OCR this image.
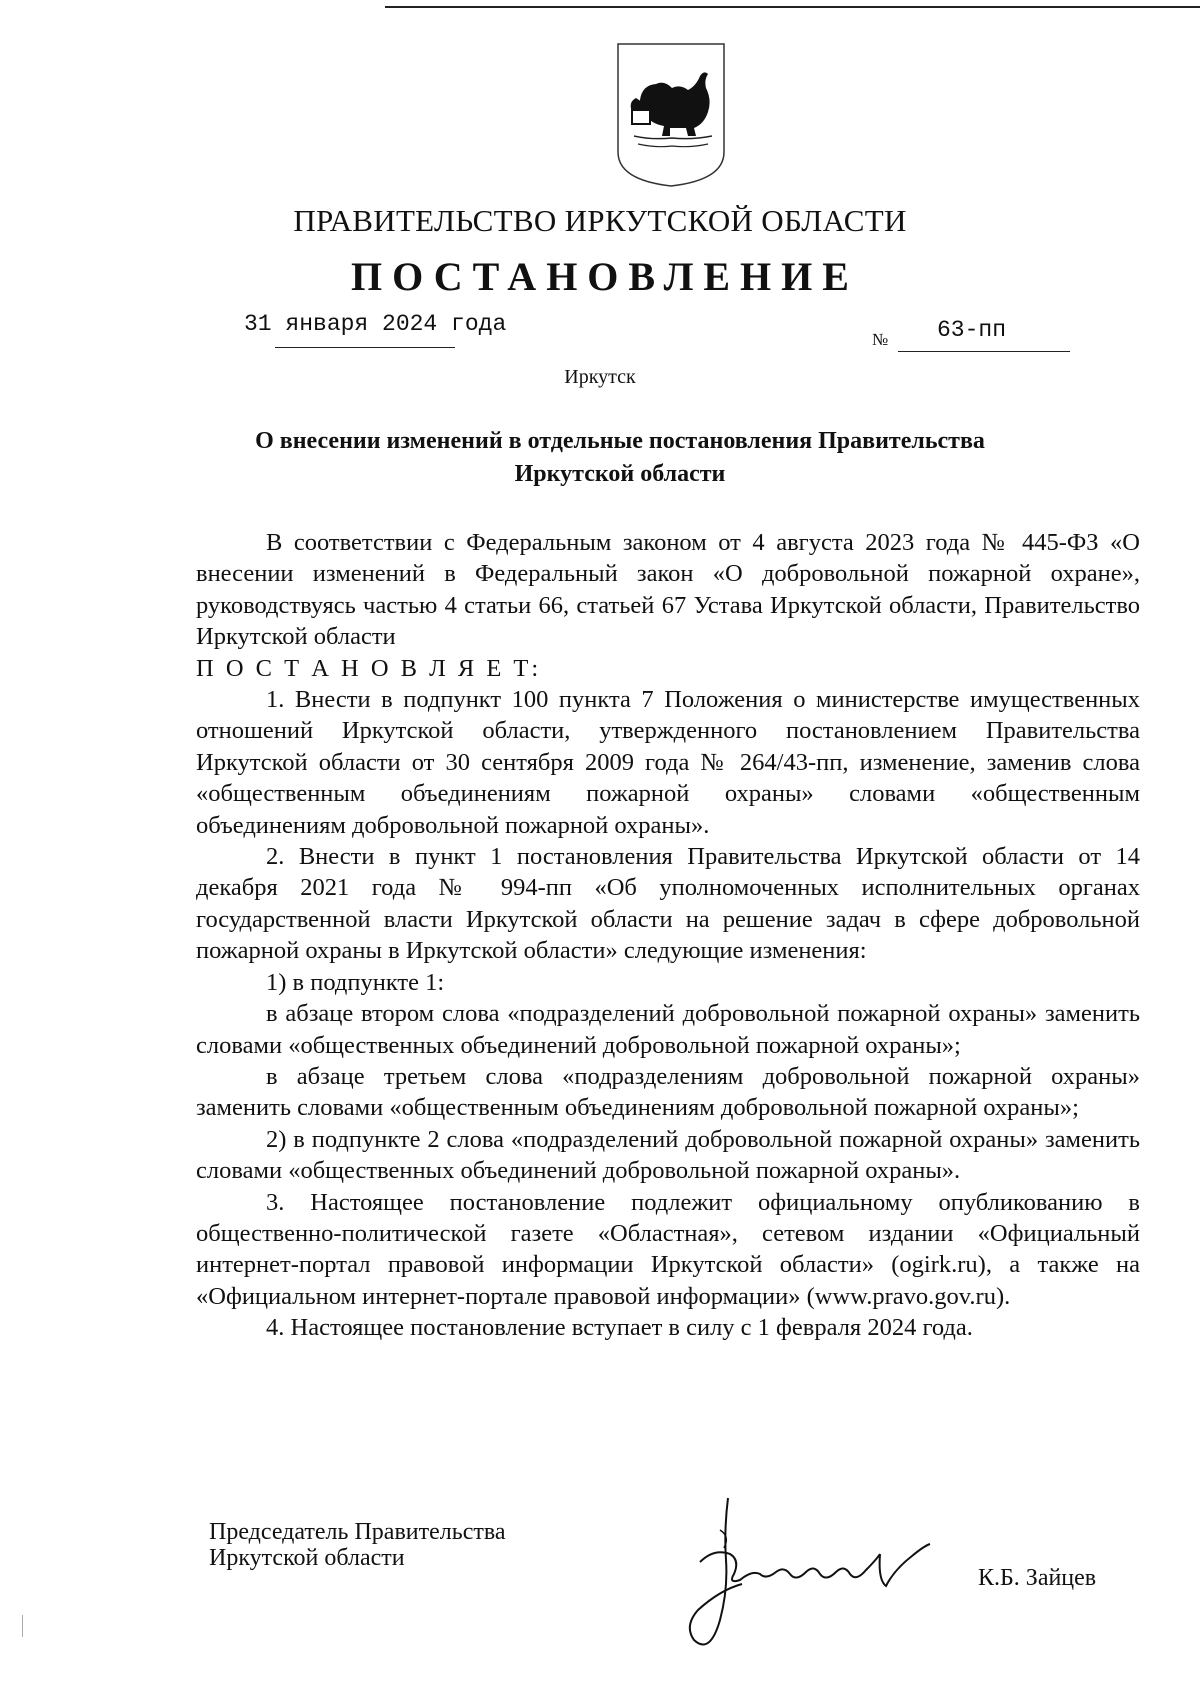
ПРАВИТЕЛЬСТВО ИРКУТСКОЙ ОБЛАСТИ
ПОСТАНОВЛЕНИЕ
31 января 2024 года
№ 63-пп
Иркутск
О внесении изменений в отдельные постановления Правительства
Иркутской области

В соответствии с Федеральным законом от 4 августа 2023 года № 445-ФЗ «О внесении изменений в Федеральный закон «О добровольной пожарной охране», руководствуясь частью 4 статьи 66, статьей 67 Устава Иркутской области, Правительство Иркутской области

П О С Т А Н О В Л Я Е Т:

1. Внести в подпункт 100 пункта 7 Положения о министерстве имущественных отношений Иркутской области, утвержденного постановлением Правительства Иркутской области от 30 сентября 2009 года № 264/43-пп, изменение, заменив слова «общественным объединениям пожарной охраны» словами «общественным объединениям добровольной пожарной охраны».

2. Внести в пункт 1 постановления Правительства Иркутской области от 14 декабря 2021 года № 994-пп «Об уполномоченных исполнительных органах государственной власти Иркутской области на решение задач в сфере добровольной пожарной охраны в Иркутской области» следующие изменения:

1) в подпункте 1:

в абзаце втором слова «подразделений добровольной пожарной охраны» заменить словами «общественных объединений добровольной пожарной охраны»;

в абзаце третьем слова «подразделениям добровольной пожарной охраны» заменить словами «общественным объединениям добровольной пожарной охраны»;

2) в подпункте 2 слова «подразделений добровольной пожарной охраны» заменить словами «общественных объединений добровольной пожарной охраны».

3. Настоящее постановление подлежит официальному опубликованию в общественно-политической газете «Областная», сетевом издании «Официальный интернет-портал правовой информации Иркутской области» (ogirk.ru), а также на «Официальном интернет-портале правовой информации» (www.pravo.gov.ru).

4. Настоящее постановление вступает в силу с 1 февраля 2024 года.

Председатель Правительства
Иркутской области
К.Б. Зайцев
